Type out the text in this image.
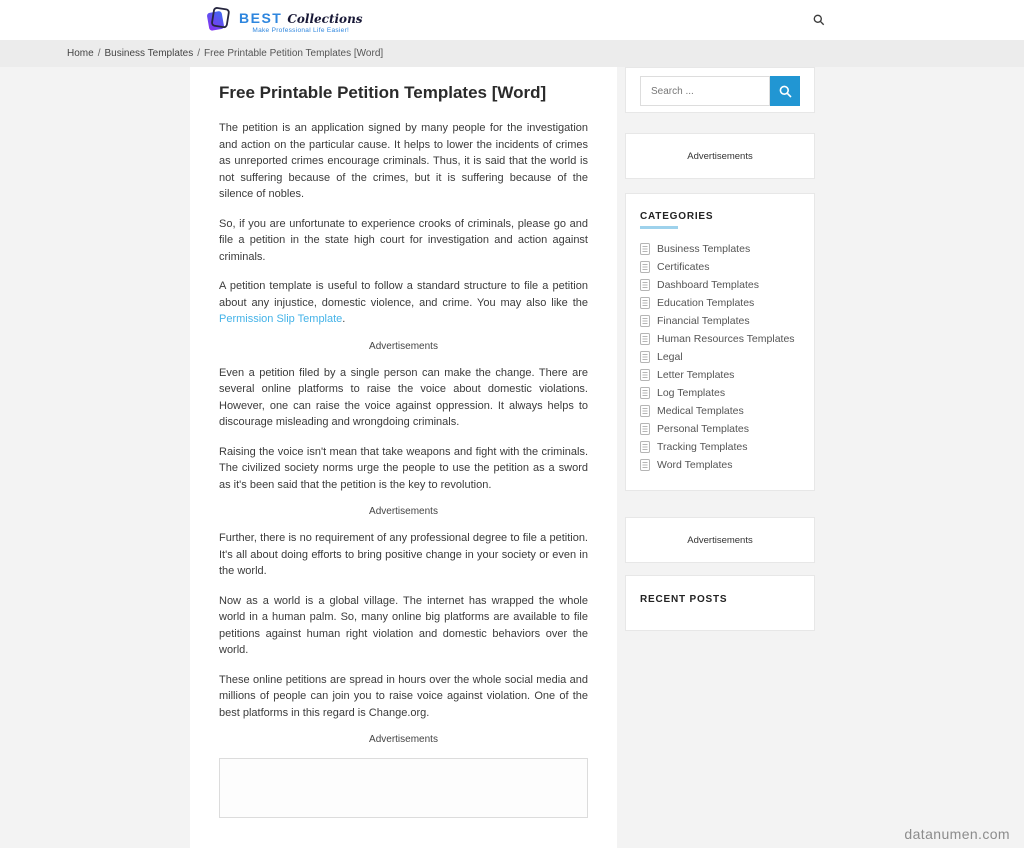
BEST Collections
Make Professional Life Easier!
Home / Business Templates / Free Printable Petition Templates [Word]
Free Printable Petition Templates [Word]

The petition is an application signed by many people for the investigation and action on the particular cause. It helps to lower the incidents of crimes as unreported crimes encourage criminals. Thus, it is said that the world is not suffering because of the crimes, but it is suffering because of the silence of nobles.

So, if you are unfortunate to experience crooks of criminals, please go and file a petition in the state high court for investigation and action against criminals.

A petition template is useful to follow a standard structure to file a petition about any injustice, domestic violence, and crime. You may also like the Permission Slip Template.

Advertisements

Even a petition filed by a single person can make the change. There are several online platforms to raise the voice about domestic violations. However, one can raise the voice against oppression. It always helps to discourage misleading and wrongdoing criminals.

Raising the voice isn't mean that take weapons and fight with the criminals. The civilized society norms urge the people to use the petition as a sword as it's been said that the petition is the key to revolution.

Advertisements

Further, there is no requirement of any professional degree to file a petition. It's all about doing efforts to bring positive change in your society or even in the world.

Now as a world is a global village. The internet has wrapped the whole world in a human palm. So, many online big platforms are available to file petitions against human right violation and domestic behaviors over the world.

These online petitions are spread in hours over the whole social media and millions of people can join you to raise voice against violation. One of the best platforms in this regard is Change.org.

Advertisements
Search ...
Advertisements
CATEGORIES
Business Templates
Certificates
Dashboard Templates
Education Templates
Financial Templates
Human Resources Templates
Legal
Letter Templates
Log Templates
Medical Templates
Personal Templates
Tracking Templates
Word Templates
Advertisements
RECENT POSTS
datanumen.com
